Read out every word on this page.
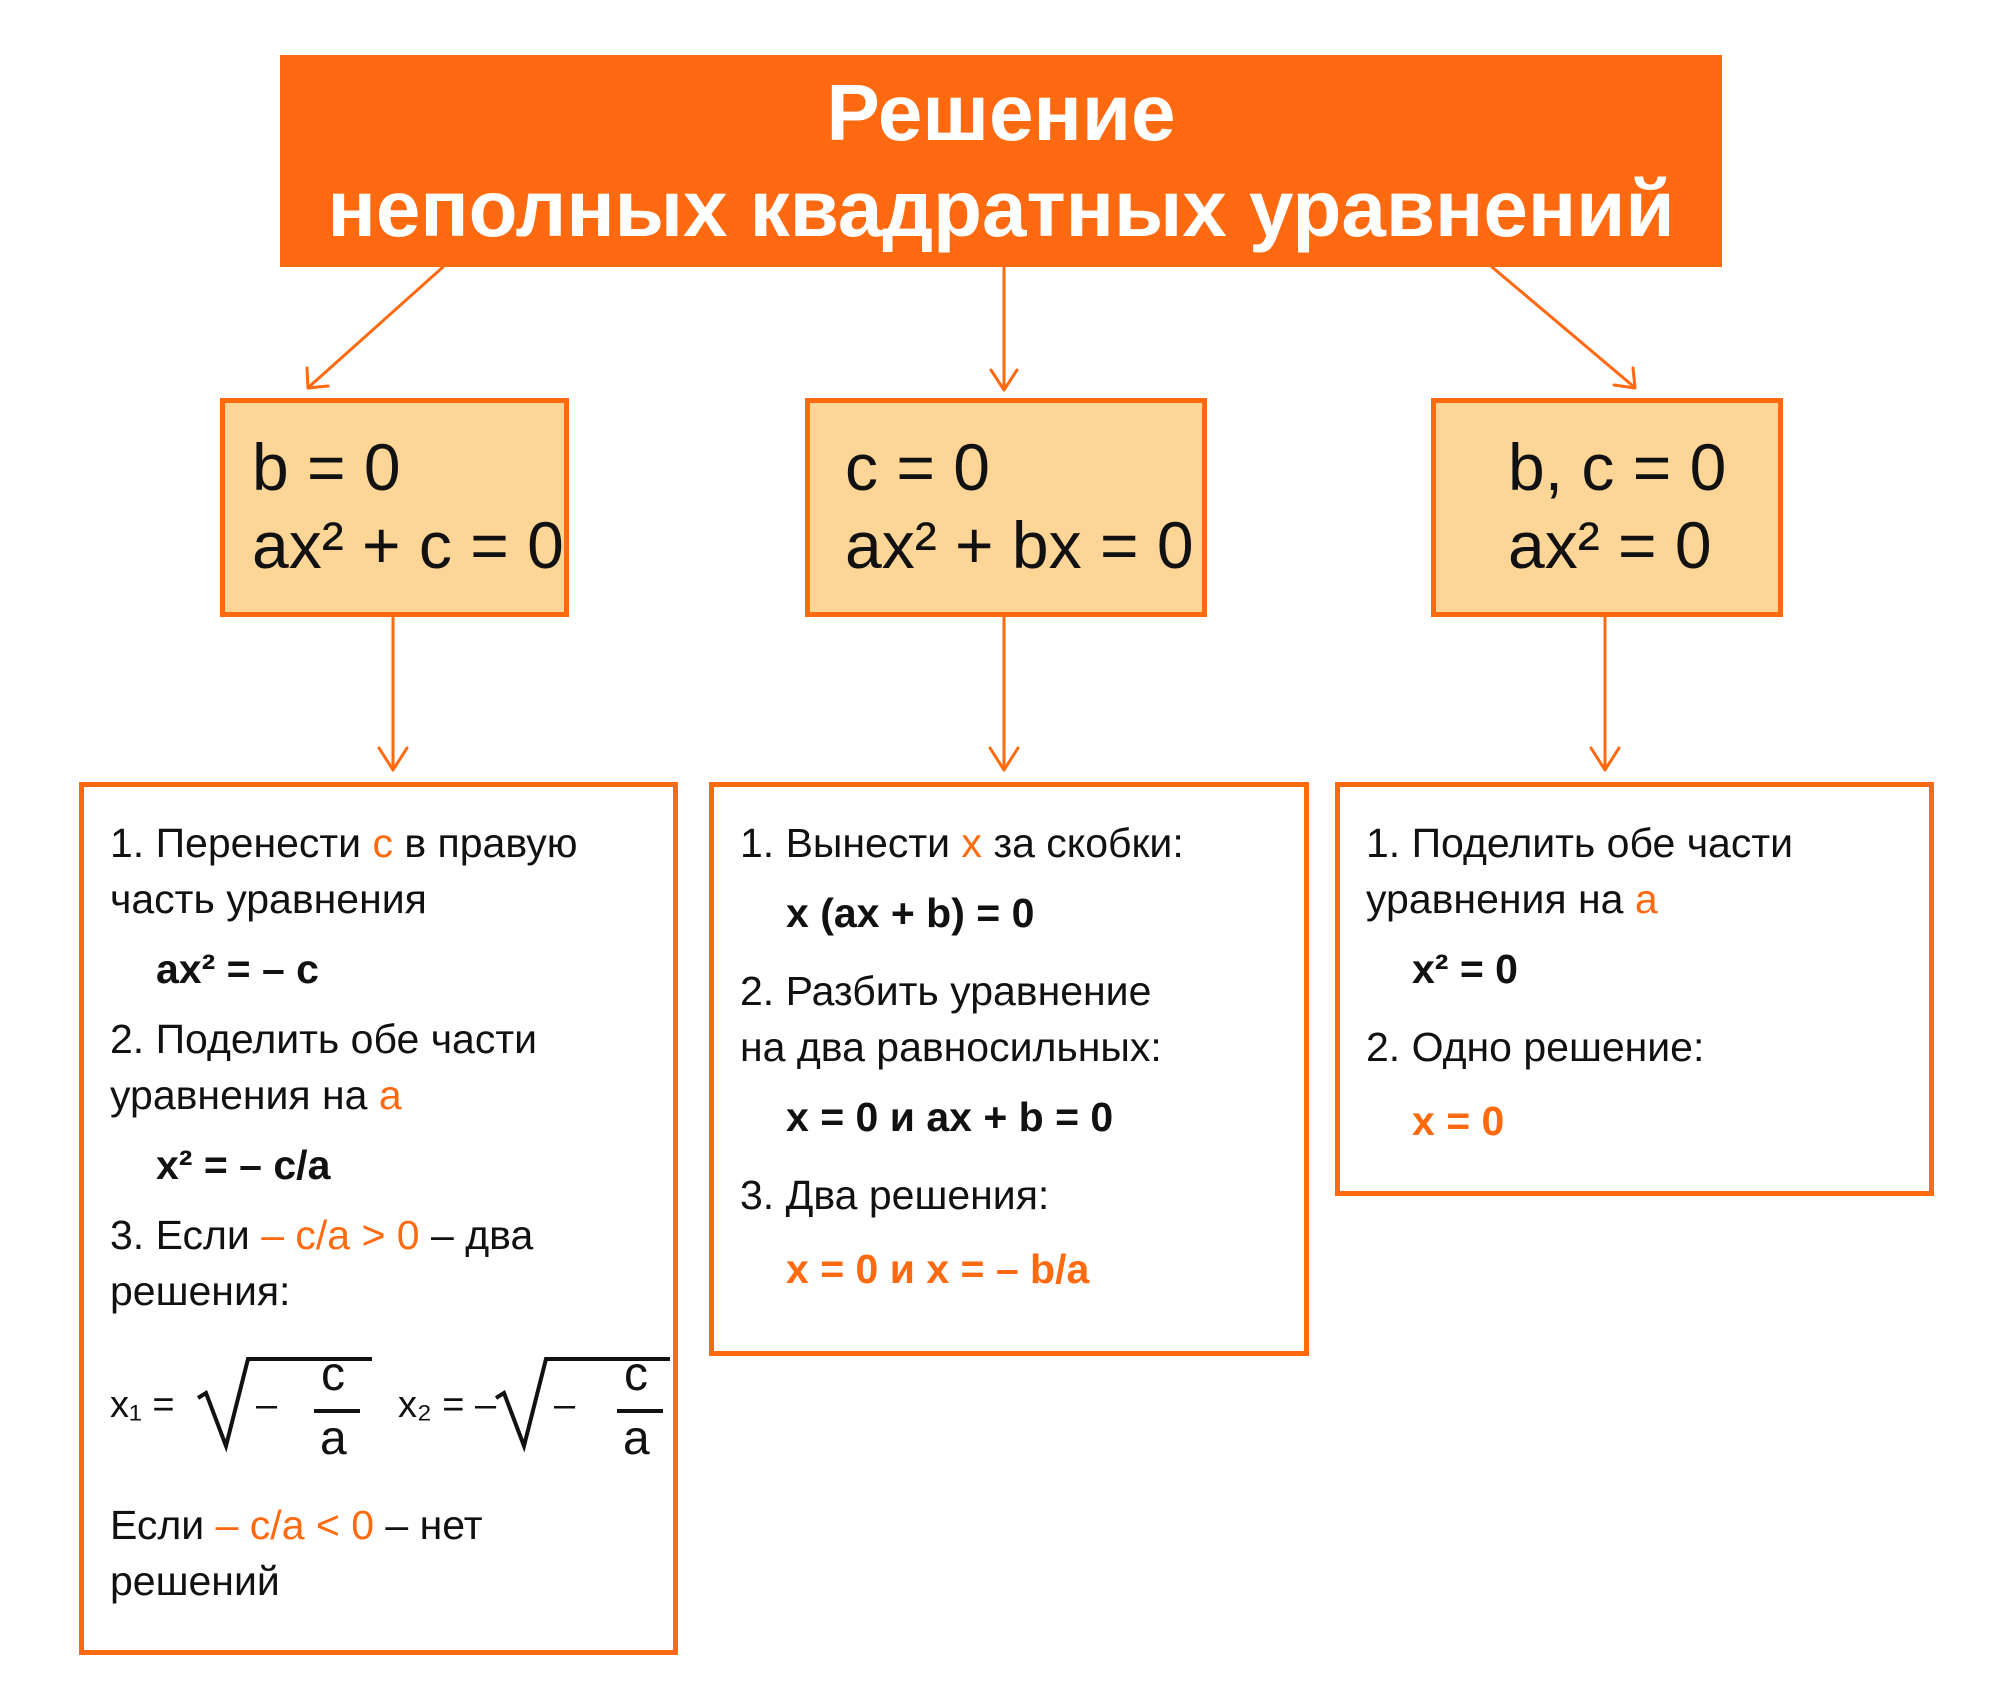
Решение
неполных квадратных уравнений
b = 0
ax² + c = 0
c = 0
ax² + bx = 0
b, c = 0
ax² = 0
1. Перенести c в правую
часть уравнения
ax² = – c
2. Поделить обе части
уравнения на a
x² = – c/a
3. Если – c/a > 0 – два
решения:
x₁ = –
c
a
x₂ = – –
c
a
Если – c/a < 0 – нет
решений
1. Вынести x за скобки:
x (ax + b) = 0
2. Разбить уравнение
на два равносильных:
x = 0 и ax + b = 0
3. Два решения:
x = 0 и x = – b/a
1. Поделить обе части
уравнения на a
x² = 0
2. Одно решение:
x = 0
